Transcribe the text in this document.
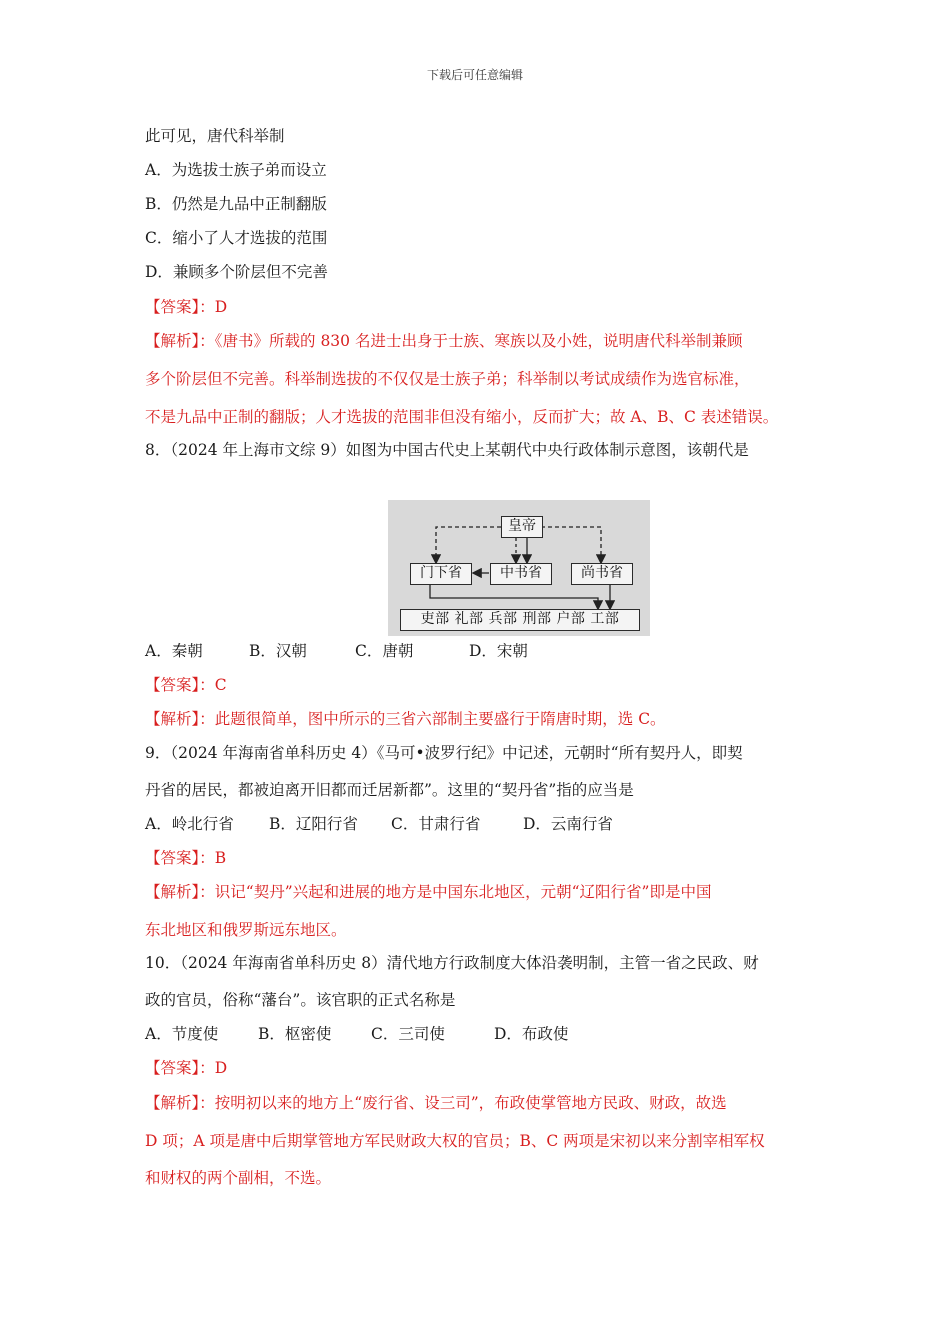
下载后可任意编辑
此可见，唐代科举制
A．为选拔士族子弟而设立
B．仍然是九品中正制翻版
C．缩小了人才选拔的范围
D．兼顾多个阶层但不完善
【答案】：D
【解析】：《唐书》所载的 830 名进士出身于士族、寒族以及小姓，说明唐代科举制兼顾
多个阶层但不完善。科举制选拔的不仅仅是士族子弟；科举制以考试成绩作为选官标准，
不是九品中正制的翻版；人才选拔的范围非但没有缩小，反而扩大；故 A、B、C 表述错误。
8．（2024 年上海市文综 9）如图为中国古代史上某朝代中央行政体制示意图，该朝代是
皇帝
门下省	中书省	尚书省
吏部 礼部 兵部 刑部 户部 工部
A．秦朝	B．汉朝	C．唐朝	D．宋朝
【答案】：C
【解析】：此题很简单，图中所示的三省六部制主要盛行于隋唐时期，选 C。
9．（2024 年海南省单科历史 4）《马可•波罗行纪》中记述，元朝时“所有契丹人，即契
丹省的居民，都被迫离开旧都而迁居新都”。这里的“契丹省”指的应当是
A．岭北行省 B．辽阳行省 C．甘肃行省	D．云南行省
【答案】：B
【解析】：识记“契丹”兴起和进展的地方是中国东北地区，元朝“辽阳行省”即是中国
东北地区和俄罗斯远东地区。
10．（2024 年海南省单科历史 8）清代地方行政制度大体沿袭明制，主管一省之民政、财
政的官员，俗称“藩台”。该官职的正式名称是
A．节度使	B．枢密使	C．三司使	D．布政使
【答案】：D
【解析】：按明初以来的地方上“废行省、设三司”，布政使掌管地方民政、财政，故选
D 项；A 项是唐中后期掌管地方军民财政大权的官员；B、C 两项是宋初以来分割宰相军权
和财权的两个副相，不选。
